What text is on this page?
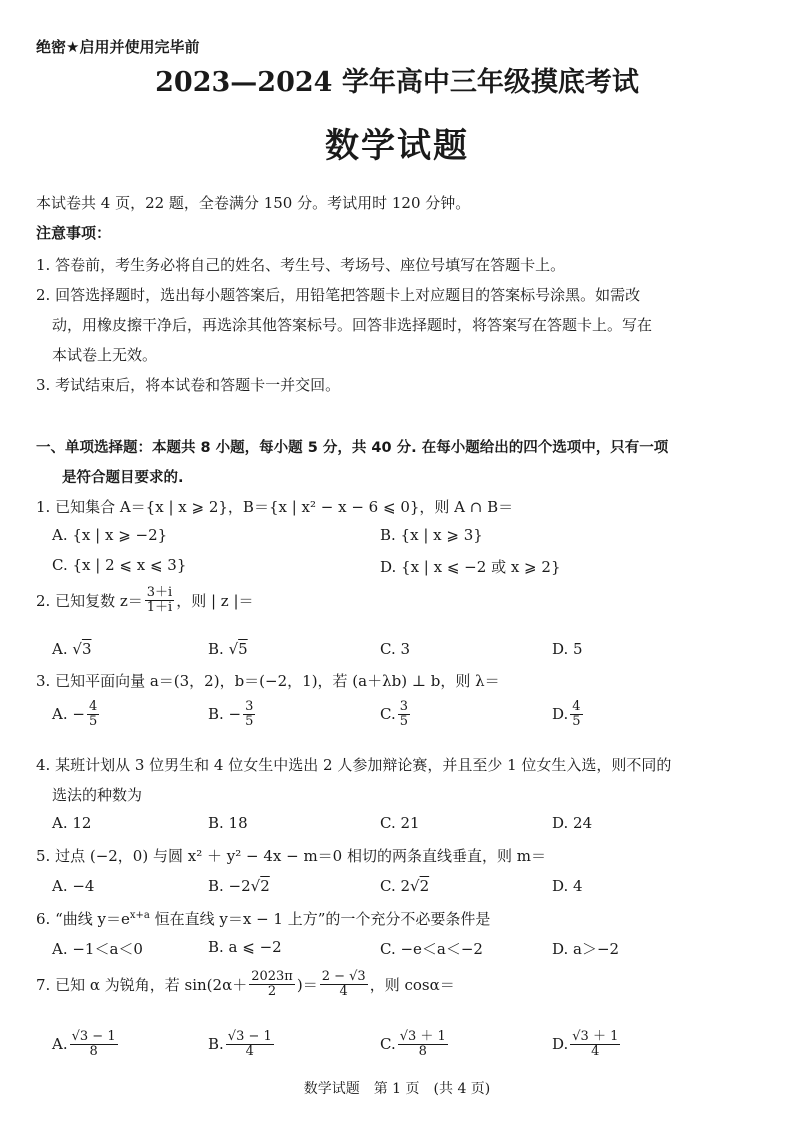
绝密★启用并使用完毕前
2023—2024 学年高中三年级摸底考试
数学试题
本试卷共 4 页，22 题，全卷满分 150 分。考试用时 120 分钟。
注意事项：
1. 答卷前，考生务必将自己的姓名、考生号、考场号、座位号填写在答题卡上。
2. 回答选择题时，选出每小题答案后，用铅笔把答题卡上对应题目的答案标号涂黑。如需改
动，用橡皮擦干净后，再选涂其他答案标号。回答非选择题时，将答案写在答题卡上。写在
本试卷上无效。
3. 考试结束后，将本试卷和答题卡一并交回。
一、单项选择题：本题共 8 小题，每小题 5 分，共 40 分. 在每小题给出的四个选项中，只有一项
是符合题目要求的.
1. 已知集合 A＝{x | x ⩾ 2}，B＝{x | x² − x − 6 ⩽ 0}，则 A ∩ B＝
A. {x | x ⩾ −2}	B. {x | x ⩾ 3}
C. {x | 2 ⩽ x ⩽ 3}	D. {x | x ⩽ −2 或 x ⩾ 2}
2. 已知复数 $z= \frac{3+i}{1+i}$ ，则 | z |＝
A. √3	B. √5	C. 3	D. 5
3. 已知平面向量 a＝(3，2)，b＝(−2，1)，若 (a＋λb) ⊥ b，则 λ＝
A. − $\frac{4}{5}$	B. − $\frac{3}{5}$	C. $\frac{3}{5}$	D. $\frac{4}{5}$
4. 某班计划从 3 位男生和 4 位女生中选出 2 人参加辩论赛，并且至少 1 位女生入选，则不同的
选法的种数为
A. 12	B. 18	C. 21	D. 24
5. 过点 (−2，0) 与圆 x² ＋ y² − 4x − m＝0 相切的两条直线垂直，则 m＝
A. −4	B. −2√2	C. 2√2	D. 4
6. “曲线 $y=e^{x+a}$ 恒在直线 y＝x − 1 上方”的一个充分不必要条件是
A. −1＜a＜0	B. a ⩽ −2	C. −e＜a＜−2	D. a＞−2
7. 已知 α 为锐角，若 $\sin(2\alpha+ \frac{2023\pi}{2}$ )＝ $\frac{2 - √3}{4}$ ，则 cosα＝
A. $\frac{√3 - 1}{8}$	B. $\frac{√3 - 1}{4}$	C. $\frac{√3 + 1}{8}$	D. $\frac{√3 + 1}{4}$
数学试题　第 1 页　(共 4 页)
